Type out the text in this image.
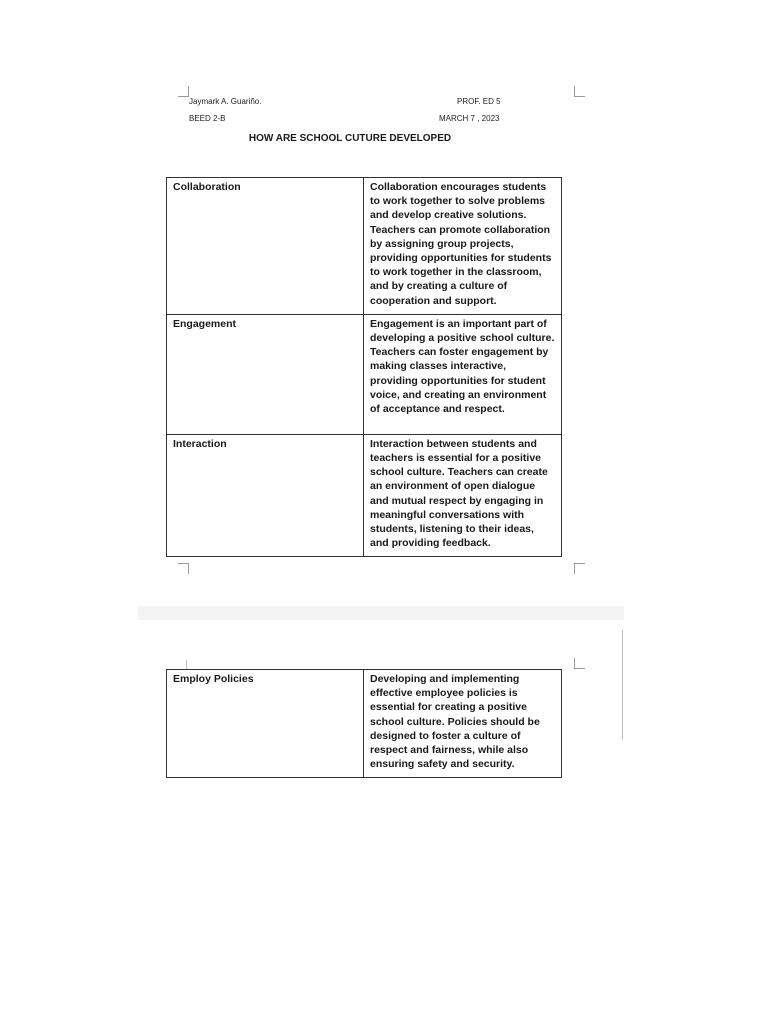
Jaymark A. Guariño.
BEED 2-B
PROF. ED 5
MARCH 7 , 2023
HOW ARE SCHOOL CUTURE DEVELOPED
Collaboration	Collaboration encourages students to work together to solve problems and develop creative solutions. Teachers can promote collaboration by assigning group projects, providing opportunities for students to work together in the classroom, and by creating a culture of cooperation and support.
Engagement	Engagement is an important part of developing a positive school culture. Teachers can foster engagement by making classes interactive, providing opportunities for student voice, and creating an environment of acceptance and respect.
Interaction	Interaction between students and teachers is essential for a positive school culture. Teachers can create an environment of open dialogue and mutual respect by engaging in meaningful conversations with students, listening to their ideas, and providing feedback.
Employ Policies	Developing and implementing effective employee policies is essential for creating a positive school culture. Policies should be designed to foster a culture of respect and fairness, while also ensuring safety and security.
